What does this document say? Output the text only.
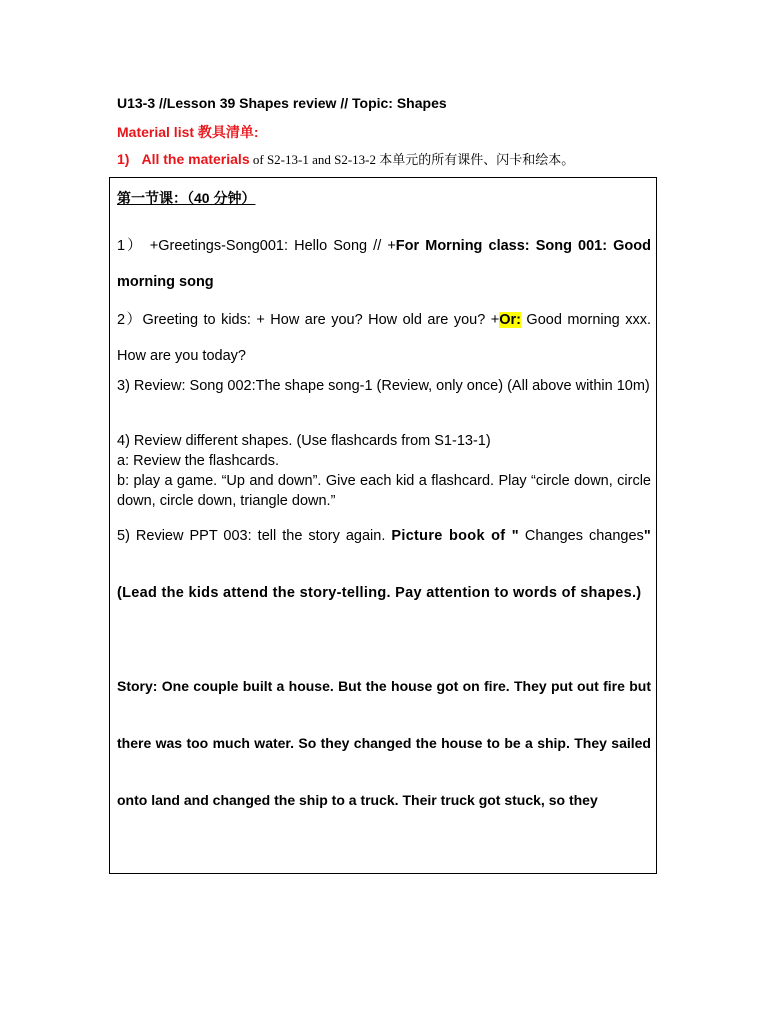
U13-3 //Lesson 39 Shapes review // Topic: Shapes
Material list 教具清单:
1) All the materials of S2-13-1 and S2-13-2 本单元的所有课件、闪卡和绘本。
第一节课：（40 分钟）
1） +Greetings-Song001: Hello Song // +For Morning class: Song 001: Good morning song
2）Greeting to kids: + How are you? How old are you? +Or: Good morning xxx. How are you today?
3) Review: Song 002:The shape song-1 (Review, only once) (All above within 10m)
4) Review different shapes. (Use flashcards from S1-13-1)
a: Review the flashcards.
b: play a game. “Up and down”. Give each kid a flashcard. Play “circle down, circle down, circle down, triangle down.”
5) Review PPT 003: tell the story again. Picture book of " Changes changes" (Lead the kids attend the story-telling. Pay attention to words of shapes.)
Story: One couple built a house. But the house got on fire. They put out fire but there was too much water. So they changed the house to be a ship. They sailed onto land and changed the ship to a truck. Their truck got stuck, so they
